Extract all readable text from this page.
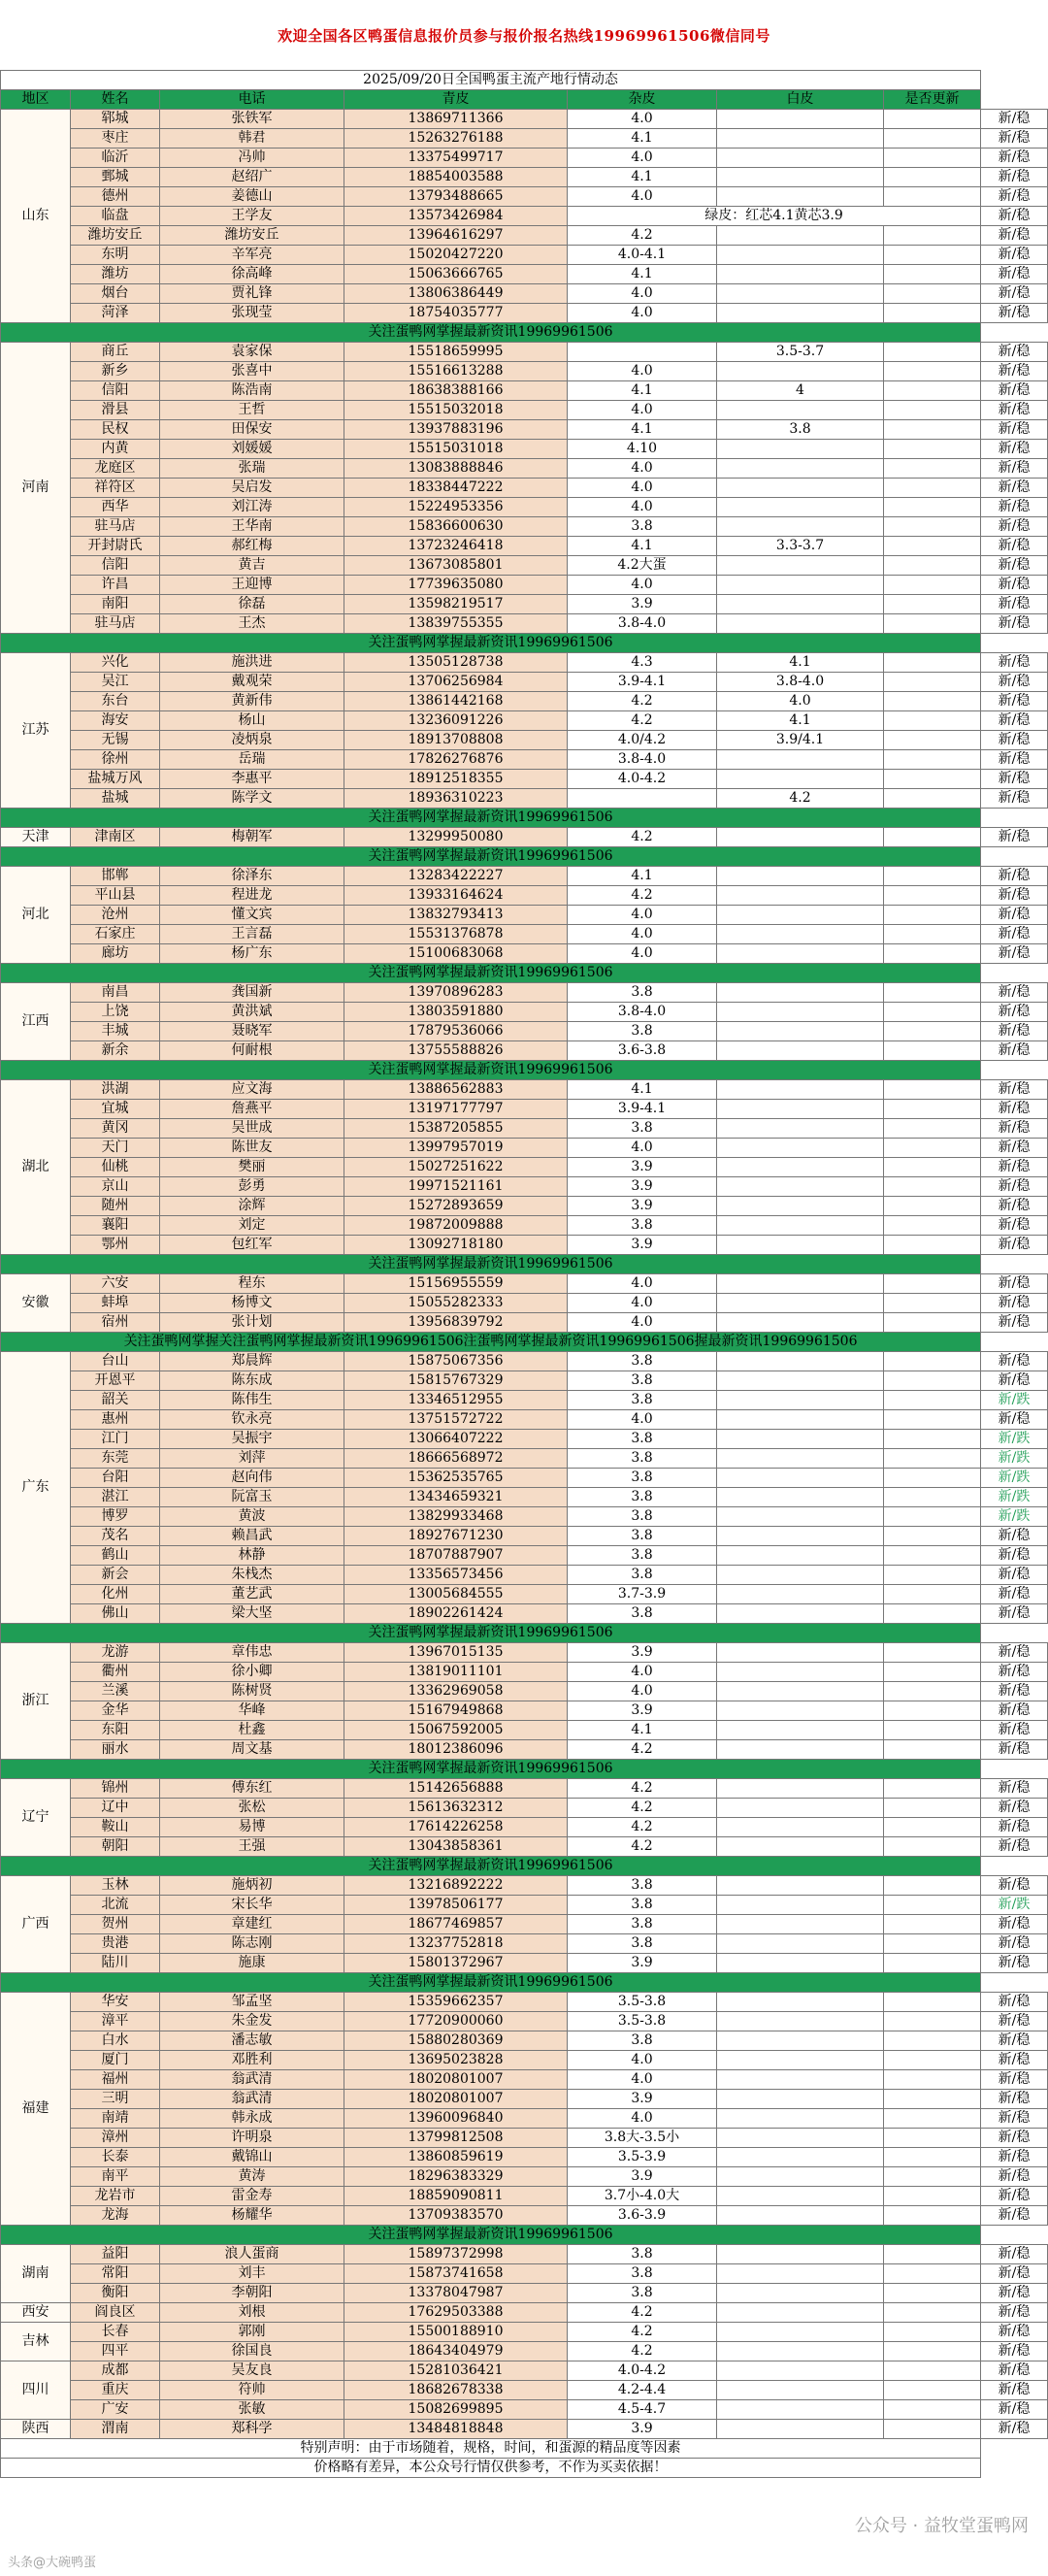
欢迎全国各区鸭蛋信息报价员参与报价报名热线19969961506微信同号
2025/09/20日全国鸭蛋主流产地行情动态							
地区	姓名	电话	青皮	杂皮	白皮	是否更新	
山东	郓城	张铁军	13869711366	4.0			新/稳
	枣庄	韩君	15263276188	4.1			新/稳
	临沂	冯帅	13375499717	4.0			新/稳
	鄄城	赵绍广	18854003588	4.1			新/稳
	德州	姜德山	13793488665	4.0			新/稳
	临盘	王学友	13573426984	绿皮：红芯4.1黄芯3.9			新/稳
	潍坊安丘	潍坊安丘	13964616297	4.2			新/稳
	东明	辛军亮	15020427220	4.0-4.1			新/稳
	潍坊	徐高峰	15063666765	4.1			新/稳
	烟台	贾礼锋	13806386449	4.0			新/稳
	菏泽	张现莹	18754035777	4.0			新/稳
关注蛋鸭网掌握最新资讯19969961506							
河南	商丘	袁家保	15518659995		3.5-3.7		新/稳
	新乡	张喜中	15516613288	4.0			新/稳
	信阳	陈浩南	18638388166	4.1	4		新/稳
	滑县	王哲	15515032018	4.0			新/稳
	民权	田保安	13937883196	4.1	3.8		新/稳
	内黄	刘媛媛	15515031018	4.10			新/稳
	龙庭区	张瑞	13083888846	4.0			新/稳
	祥符区	吴启发	18338447222	4.0			新/稳
	西华	刘江涛	15224953356	4.0			新/稳
	驻马店	王华南	15836600630	3.8			新/稳
	开封尉氏	郝红梅	13723246418	4.1	3.3-3.7		新/稳
	信阳	黄吉	13673085801	4.2大蛋			新/稳
	许昌	王迎博	17739635080	4.0			新/稳
	南阳	徐磊	13598219517	3.9			新/稳
	驻马店	王杰	13839755355	3.8-4.0			新/稳
关注蛋鸭网掌握最新资讯19969961506							
江苏	兴化	施洪进	13505128738	4.3	4.1		新/稳
	吴江	戴观荣	13706256984	3.9-4.1	3.8-4.0		新/稳
	东台	黄新伟	13861442168	4.2	4.0		新/稳
	海安	杨山	13236091226	4.2	4.1		新/稳
	无锡	凌炳泉	18913708808	4.0/4.2	3.9/4.1		新/稳
	徐州	岳瑞	17826276876	3.8-4.0			新/稳
	盐城万风	李惠平	18912518355	4.0-4.2			新/稳
	盐城	陈学文	18936310223		4.2		新/稳
关注蛋鸭网掌握最新资讯19969961506							
天津	津南区	梅朝军	13299950080	4.2			新/稳
关注蛋鸭网掌握最新资讯19969961506							
河北	邯郸	徐泽东	13283422227	4.1			新/稳
	平山县	程进龙	13933164624	4.2			新/稳
	沧州	懂文宾	13832793413	4.0			新/稳
	石家庄	王言磊	15531376878	4.0			新/稳
	廊坊	杨广东	15100683068	4.0			新/稳
关注蛋鸭网掌握最新资讯19969961506							
江西	南昌	龚国新	13970896283	3.8			新/稳
	上饶	黄洪斌	13803591880	3.8-4.0			新/稳
	丰城	聂晓军	17879536066	3.8			新/稳
	新余	何耐根	13755588826	3.6-3.8			新/稳
关注蛋鸭网掌握最新资讯19969961506							
湖北	洪湖	应文海	13886562883	4.1			新/稳
	宜城	詹燕平	13197177797	3.9-4.1			新/稳
	黄冈	吴世成	15387205855	3.8			新/稳
	天门	陈世友	13997957019	4.0			新/稳
	仙桃	樊丽	15027251622	3.9			新/稳
	京山	彭勇	19971521161	3.9			新/稳
	随州	涂辉	15272893659	3.9			新/稳
	襄阳	刘定	19872009888	3.8			新/稳
	鄂州	包红军	13092718180	3.9			新/稳
关注蛋鸭网掌握最新资讯19969961506							
安徽	六安	程东	15156955559	4.0			新/稳
	蚌埠	杨博文	15055282333	4.0			新/稳
	宿州	张计划	13956839792	4.0			新/稳
关注蛋鸭网掌握关注蛋鸭网掌握最新资讯19969961506注蛋鸭网掌握最新资讯19969961506握最新资讯19969961506							
广东	台山	郑晨辉	15875067356	3.8			新/稳
	开恩平	陈东成	15815767329	3.8			新/稳
	韶关	陈伟生	13346512955	3.8			新/跌
	惠州	钦永亮	13751572722	4.0			新/稳
	江门	吴振宇	13066407222	3.8			新/跌
	东莞	刘萍	18666568972	3.8			新/跌
	台阳	赵向伟	15362535765	3.8			新/跌
	湛江	阮富玉	13434659321	3.8			新/跌
	博罗	黄波	13829933468	3.8			新/跌
	茂名	赖昌武	18927671230	3.8			新/稳
	鹤山	林静	18707887907	3.8			新/稳
	新会	朱栈杰	13356573456	3.8			新/稳
	化州	董艺武	13005684555	3.7-3.9			新/稳
	佛山	梁大坚	18902261424	3.8			新/稳
关注蛋鸭网掌握最新资讯19969961506							
浙江	龙游	章伟忠	13967015135	3.9			新/稳
	衢州	徐小卿	13819011101	4.0			新/稳
	兰溪	陈树贤	13362969058	4.0			新/稳
	金华	华峰	15167949868	3.9			新/稳
	东阳	杜鑫	15067592005	4.1			新/稳
	丽水	周文基	18012386096	4.2			新/稳
关注蛋鸭网掌握最新资讯19969961506							
辽宁	锦州	傅东红	15142656888	4.2			新/稳
	辽中	张松	15613632312	4.2			新/稳
	鞍山	易博	17614226258	4.2			新/稳
	朝阳	王强	13043858361	4.2			新/稳
关注蛋鸭网掌握最新资讯19969961506							
广西	玉林	施炳初	13216892222	3.8			新/稳
	北流	宋长华	13978506177	3.8			新/跌
	贺州	章建红	18677469857	3.8			新/稳
	贵港	陈志刚	13237752818	3.8			新/稳
	陆川	施康	15801372967	3.9			新/稳
关注蛋鸭网掌握最新资讯19969961506							
福建	华安	邹孟坚	15359662357	3.5-3.8			新/稳
	漳平	朱金发	17720900060	3.5-3.8			新/稳
	白水	潘志敏	15880280369	3.8			新/稳
	厦门	邓胜利	13695023828	4.0			新/稳
	福州	翁武清	18020801007	4.0			新/稳
	三明	翁武清	18020801007	3.9			新/稳
	南靖	韩永成	13960096840	4.0			新/稳
	漳州	许明泉	13799812508	3.8大-3.5小			新/稳
	长泰	戴锦山	13860859619	3.5-3.9			新/稳
	南平	黄涛	18296383329	3.9			新/稳
	龙岩市	雷金寿	18859090811	3.7小-4.0大			新/稳
	龙海	杨耀华	13709383570	3.6-3.9			新/稳
关注蛋鸭网掌握最新资讯19969961506							
湖南	益阳	浪人蛋商	15897372998	3.8			新/稳
	常阳	刘丰	15873741658	3.8			新/稳
	衡阳	李朝阳	13378047987	3.8			新/稳
西安	阎良区	刘根	17629503388	4.2			新/稳
吉林	长春	郭刚	15500188910	4.2			新/稳
	四平	徐国良	18643404979	4.2			新/稳
四川	成都	吴友良	15281036421	4.0-4.2			新/稳
	重庆	符帅	18682678338	4.2-4.4			新/稳
	广安	张敏	15082699895	4.5-4.7			新/稳
陕西	渭南	郑科学	13484818848	3.9			新/稳
特别声明：由于市场随着，规格，时间，和蛋源的精品度等因素							
价格略有差异，本公众号行情仅供参考，不作为买卖依据！							
头条@大碗鸭蛋
公众号 · 益牧堂蛋鸭网
